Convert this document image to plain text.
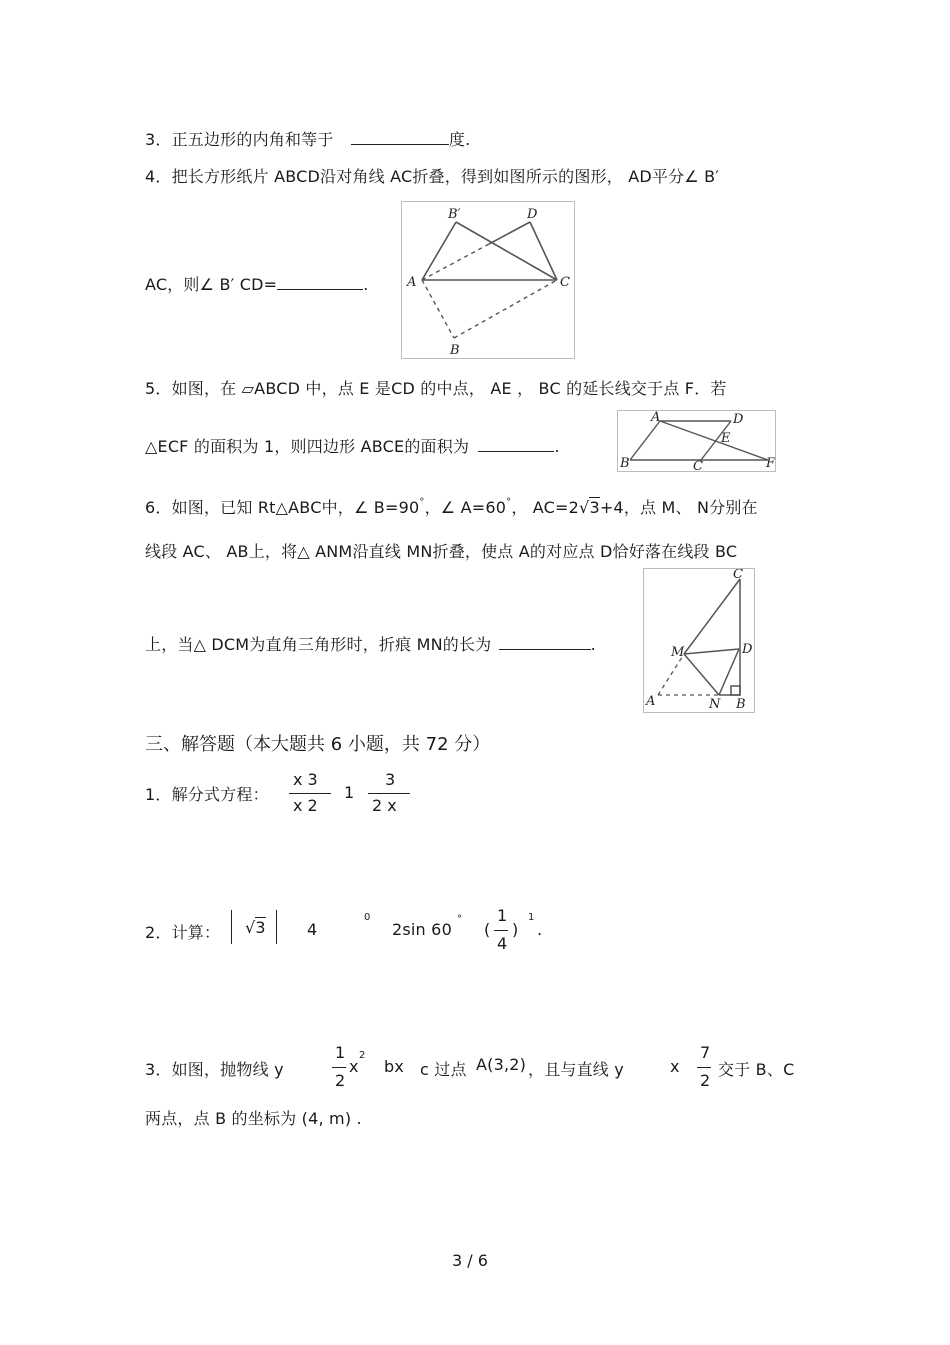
3．正五边形的内角和等于	度.
4．把长方形纸片 ABCD沿对角线 AC折叠，得到如图所示的图形， AD平分∠ B′
AC，则∠ B′ CD=	.
B′	D
A	C
B
5．如图，在 ▱ABCD 中，点 E 是CD 的中点， AE ， BC 的延长线交于点 F．若
△ECF 的面积为 1，则四边形 ABCE的面积为	.
A	D
E
B	C	F
6．如图，已知 Rt△ABC中，∠ B=90°，∠ A=60°， AC=2√3+4，点 M、 N分别在
线段 AC、 AB上，将△ ANM沿直线 MN折叠，使点 A的对应点 D恰好落在线段 BC
上，当△ DCM为直角三角形时，折痕 MN的长为	.
C
M	D
A	N B
三、解答题（本大题共 6 小题，共 72 分）
1．解分式方程：
x 3
x 2
1
3
2 x
2．计算： √3	4
0
2sin 60
°
(
1
4
)
1
.
3．如图，抛物线 y
1
2
x
2
bx c 过点 A(3,2) ，且与直线 y	x
7
2
交于 B、C
两点，点 B 的坐标为 (4, m) .
3 / 6
